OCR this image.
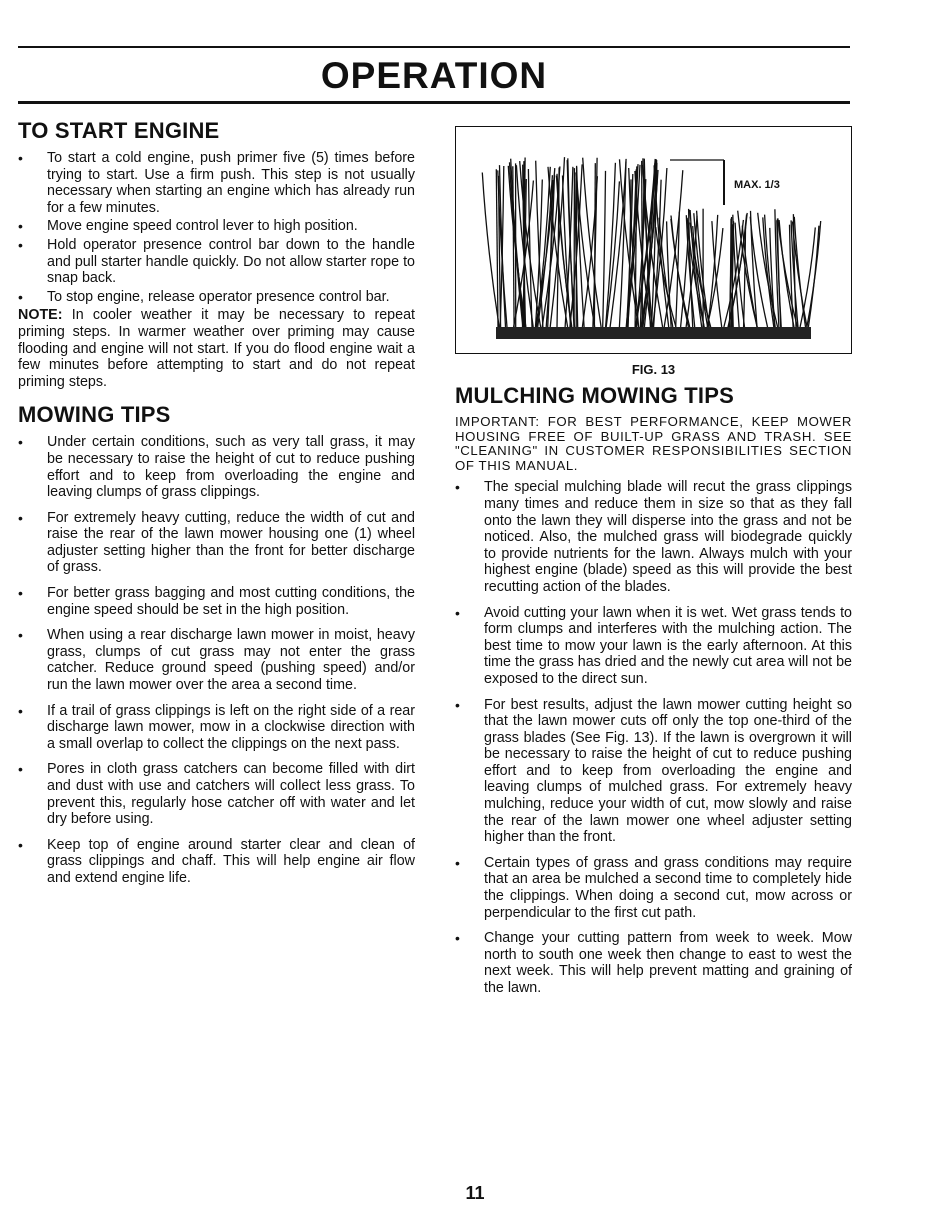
OPERATION
TO START ENGINE
• To start a cold engine, push primer five (5) times before trying to start. Use a firm push. This step is not usually necessary when starting an engine which has already run for a few minutes.
• Move engine speed control lever to high position.
• Hold operator presence control bar down to the handle and pull starter handle quickly. Do not allow starter rope to snap back.
• To stop engine, release operator presence control bar.

NOTE: In cooler weather it may be necessary to repeat priming steps. In warmer weather over priming may cause flooding and engine will not start. If you do flood engine wait a few minutes before attempting to start and do not repeat priming steps.

MOWING TIPS
• Under certain conditions, such as very tall grass, it may be necessary to raise the height of cut to reduce pushing effort and to keep from overloading the engine and leaving clumps of grass clippings.
• For extremely heavy cutting, reduce the width of cut and raise the rear of the lawn mower housing one (1) wheel adjuster setting higher than the front for better discharge of grass.
• For better grass bagging and most cutting conditions, the engine speed should be set in the high position.
• When using a rear discharge lawn mower in moist, heavy grass, clumps of cut grass may not enter the grass catcher. Reduce ground speed (pushing speed) and/or run the lawn mower over the area a second time.
• If a trail of grass clippings is left on the right side of a rear discharge lawn mower, mow in a clockwise direction with a small overlap to collect the clippings on the next pass.
• Pores in cloth grass catchers can become filled with dirt and dust with use and catchers will collect less grass. To prevent this, regularly hose catcher off with water and let dry before using.
• Keep top of engine around starter clear and clean of grass clippings and chaff. This will help engine air flow and extend engine life.
MAX. 1/3
FIG. 13
MULCHING MOWING TIPS

IMPORTANT: FOR BEST PERFORMANCE, KEEP MOWER HOUSING FREE OF BUILT-UP GRASS AND TRASH. SEE "CLEANING" IN CUSTOMER RESPONSIBILITIES SECTION OF THIS MANUAL.

• The special mulching blade will recut the grass clippings many times and reduce them in size so that as they fall onto the lawn they will disperse into the grass and not be noticed. Also, the mulched grass will biodegrade quickly to provide nutrients for the lawn. Always mulch with your highest engine (blade) speed as this will provide the best recutting action of the blades.
• Avoid cutting your lawn when it is wet. Wet grass tends to form clumps and interferes with the mulching action. The best time to mow your lawn is the early afternoon. At this time the grass has dried and the newly cut area will not be exposed to the direct sun.
• For best results, adjust the lawn mower cutting height so that the lawn mower cuts off only the top one-third of the grass blades (See Fig. 13). If the lawn is overgrown it will be necessary to raise the height of cut to reduce pushing effort and to keep from overloading the engine and leaving clumps of mulched grass. For extremely heavy mulching, reduce your width of cut, mow slowly and raise the rear of the lawn mower one wheel adjuster setting higher than the front.
• Certain types of grass and grass conditions may require that an area be mulched a second time to completely hide the clippings. When doing a second cut, mow across or perpendicular to the first cut path.
• Change your cutting pattern from week to week. Mow north to south one week then change to east to west the next week. This will help prevent matting and graining of the lawn.
11
